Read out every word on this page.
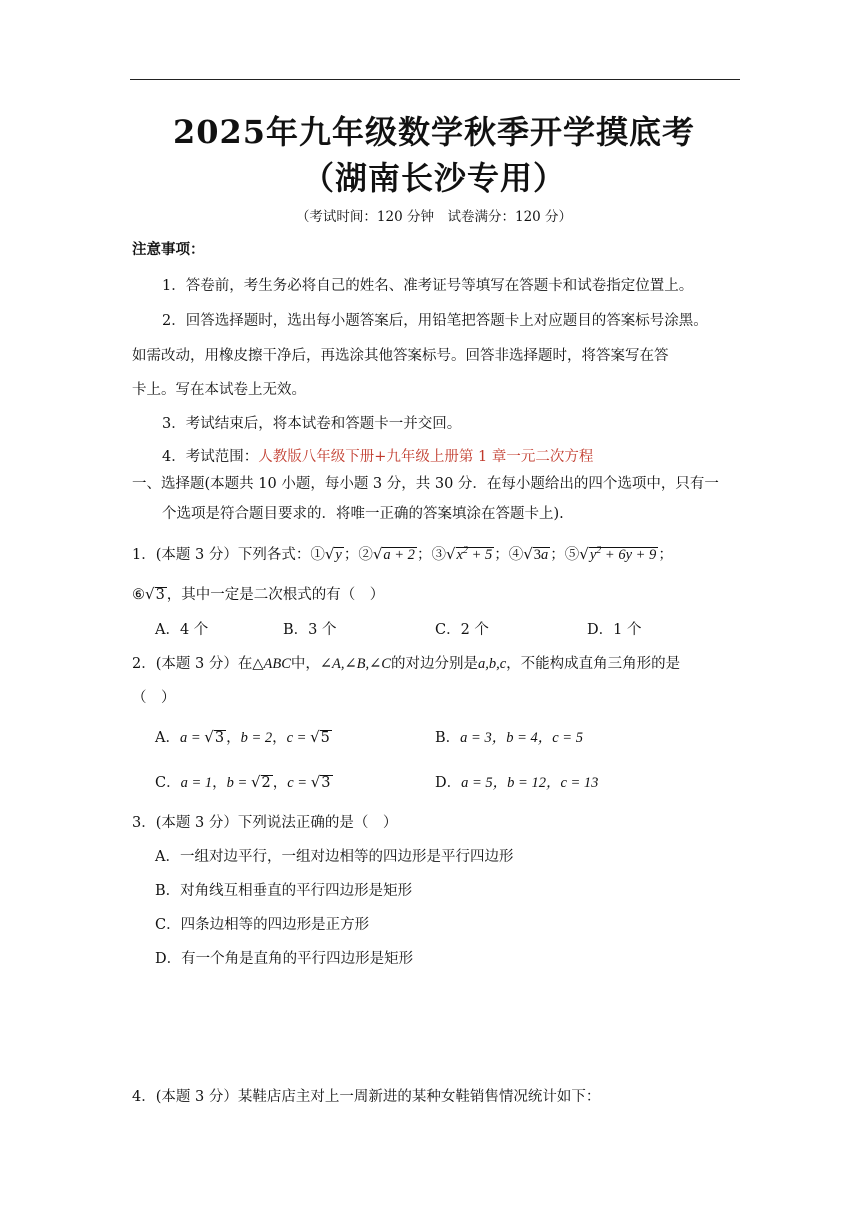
2025年九年级数学秋季开学摸底考
（湖南长沙专用）
（考试时间：120 分钟　试卷满分：120 分）
注意事项：
1．答卷前，考生务必将自己的姓名、准考证号等填写在答题卡和试卷指定位置上。
2．回答选择题时，选出每小题答案后，用铅笔把答题卡上对应题目的答案标号涂黑。
如需改动，用橡皮擦干净后，再选涂其他答案标号。回答非选择题时，将答案写在答
卡上。写在本试卷上无效。
3．考试结束后，将本试卷和答题卡一并交回。
4．考试范围：人教版八年级下册+九年级上册第 1 章一元二次方程
一、选择题(本题共 10 小题，每小题 3 分，共 30 分．在每小题给出的四个选项中，只有一
个选项是符合题目要求的．将唯一正确的答案填涂在答题卡上).
1．(本题 3 分）下列各式：①√y ；②√a + 2 ；$③√x^2 + 5$ ；④√3a ；$⑤√y^2 + 6y + 9$ ；
⑥√3 ，其中一定是二次根式的有（　）
A．4 个	B．3 个	C．2 个	D．1 个
2．(本题 3 分）在△ABC中，∠A,∠B,∠C的对边分别是a,b,c，不能构成直角三角形的是
（　）
A．a = √3 ，b = 2，c = √5	B．a = 3，b = 4，c = 5
C．a = 1，b = √2 ，c = √3	D．a = 5，b = 12，c = 13
3．(本题 3 分）下列说法正确的是（　）
A．一组对边平行，一组对边相等的四边形是平行四边形
B．对角线互相垂直的平行四边形是矩形
C．四条边相等的四边形是正方形
D．有一个角是直角的平行四边形是矩形
4．(本题 3 分）某鞋店店主对上一周新进的某种女鞋销售情况统计如下：
